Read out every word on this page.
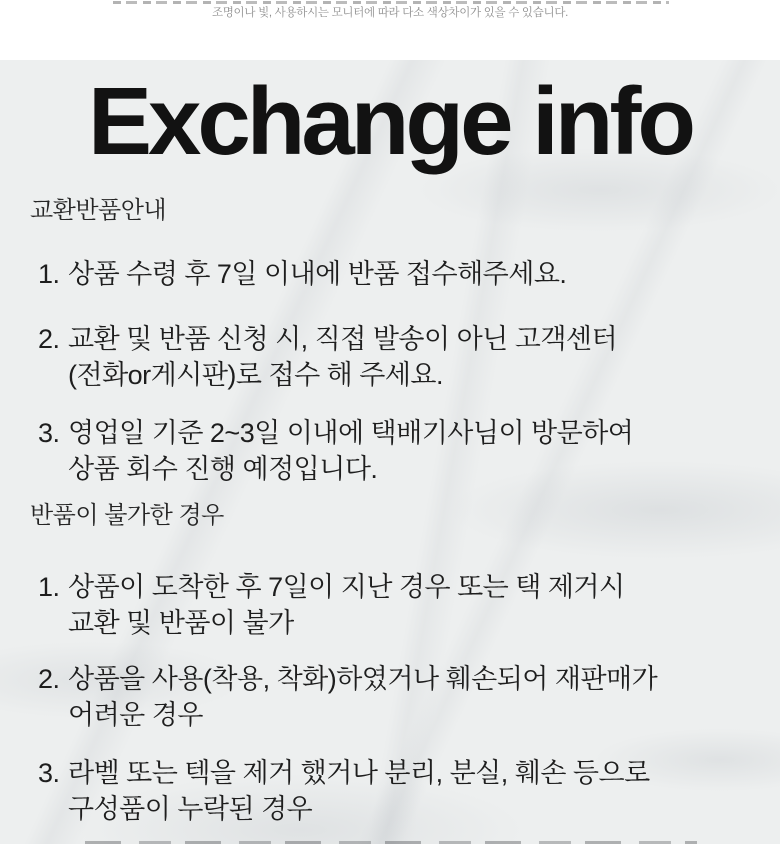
조명이나 빛, 사용하시는 모니터에 따라 다소 색상차이가 있을 수 있습니다.
Exchange info
교환반품안내
1. 상품 수령 후 7일 이내에 반품 접수해주세요.
2. 교환 및 반품 신청 시, 직접 발송이 아닌 고객센터
(전화or게시판)로 접수 해 주세요.
3. 영업일 기준 2~3일 이내에 택배기사님이 방문하여
상품 회수 진행 예정입니다.
반품이 불가한 경우
1. 상품이 도착한 후 7일이 지난 경우 또는 택 제거시
교환 및 반품이 불가
2. 상품을 사용(착용, 착화)하였거나 훼손되어 재판매가
어려운 경우
3. 라벨 또는 텍을 제거 했거나 분리, 분실, 훼손 등으로
구성품이 누락된 경우
